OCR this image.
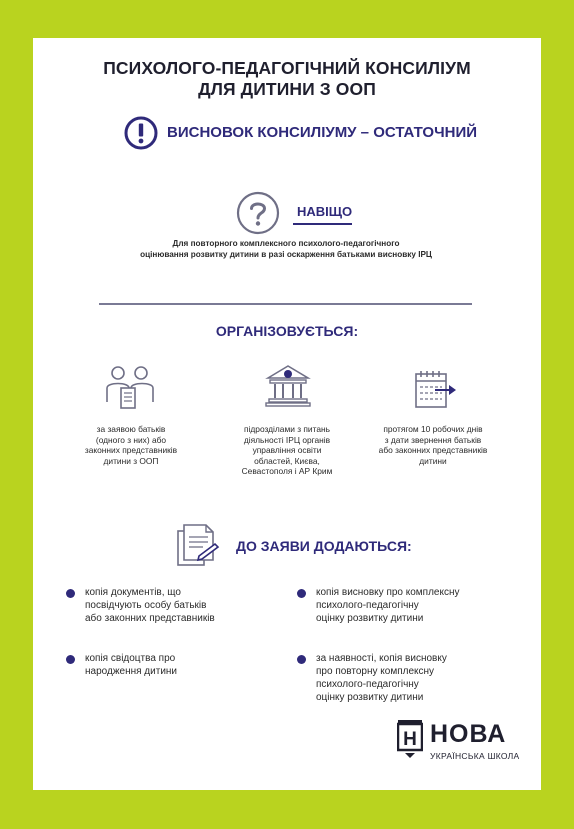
ПСИХОЛОГО-ПЕДАГОГІЧНИЙ КОНСИЛІУМ
ДЛЯ ДИТИНИ З ООП
ВИСНОВОК КОНСИЛІУМУ – ОСТАТОЧНИЙ
НАВІЩО
Для повторного комплексного психолого-педагогічного
оцінювання розвитку дитини в разі оскарження батьками висновку ІРЦ
ОРГАНІЗОВУЄТЬСЯ:
за заявою батьків
(одного з них) або
законних представників
дитини з ООП
підрозділами з питань
діяльності ІРЦ органів
управління освіти
областей, Києва,
Севастополя і АР Крим
протягом 10 робочих днів
з дати звернення батьків
або законних представників
дитини
ДО ЗАЯВИ ДОДАЮТЬСЯ:
копія документів, що
посвідчують особу батьків
або законних представників
копія висновку про комплексну
психолого-педагогічну
оцінку розвитку дитини
копія свідоцтва про
народження дитини
за наявності, копія висновку
про повторну комплексну
психолого-педагогічну
оцінку розвитку дитини
Н НОВА
УКРАЇНСЬКА ШКОЛА
